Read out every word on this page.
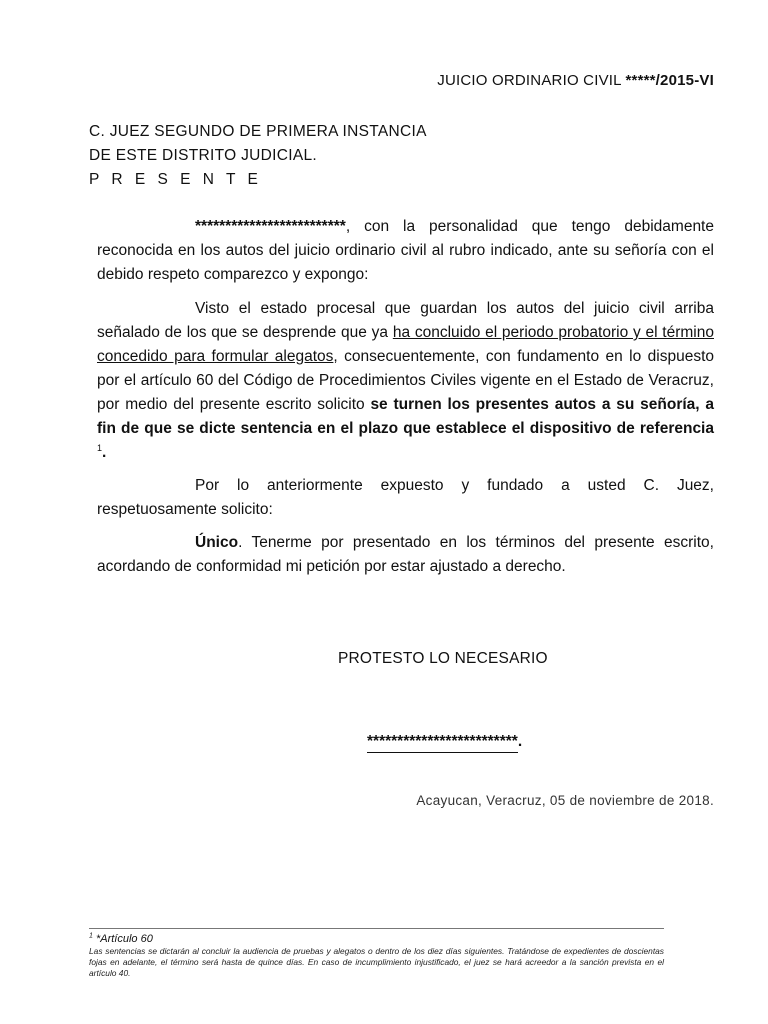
JUICIO ORDINARIO CIVIL *****/2015-VI
C. JUEZ SEGUNDO DE PRIMERA INSTANCIA
DE ESTE DISTRITO JUDICIAL.
P R E S E N T E

*************************, con la personalidad que tengo debidamente reconocida en los autos del juicio ordinario civil al rubro indicado, ante su señoría con el debido respeto comparezco y expongo:

Visto el estado procesal que guardan los autos del juicio civil arriba señalado de los que se desprende que ya ha concluido el periodo probatorio y el término concedido para formular alegatos, consecuentemente, con fundamento en lo dispuesto por el artículo 60 del Código de Procedimientos Civiles vigente en el Estado de Veracruz, por medio del presente escrito solicito se turnen los presentes autos a su señoría, a fin de que se dicte sentencia en el plazo que establece el dispositivo de referencia $^1$.

Por lo anteriormente expuesto y fundado a usted C. Juez, respetuosamente solicito:

Único. Tenerme por presentado en los términos del presente escrito, acordando de conformidad mi petición por estar ajustado a derecho.

PROTESTO LO NECESARIO
*************************.
Acayucan, Veracruz, 05 de noviembre de 2018.
$^1$ *Artículo 60
Las sentencias se dictarán al concluir la audiencia de pruebas y alegatos o dentro de los diez días siguientes. Tratándose de expedientes de doscientas fojas en adelante, el término será hasta de quince días. En caso de incumplimiento injustificado, el juez se hará acreedor a la sanción prevista en el artículo 40.
